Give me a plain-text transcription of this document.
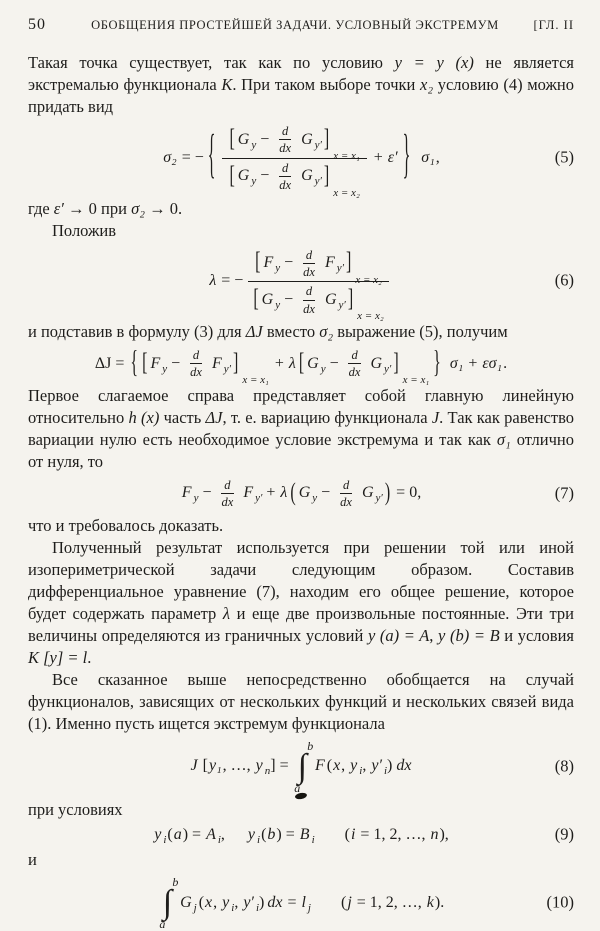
50	ОБОБЩЕНИЯ ПРОСТЕЙШЕЙ ЗАДАЧИ. УСЛОВНЫЙ ЭКСТРЕМУМ	[ГЛ. II

Такая точка существует, так как по условию y = y (x) не является экстремалью функционала K. При таком выборе точки x₂ условию (4) можно придать вид

σ₂ = − { [ G $y - \frac{d}{dx}$ G y′ ]
x = x₁
[ G $y - \frac{d}{dx}$ G y′ ]
x = x₂ + ε′ } σ₁ ,	(5)

где ε′ → 0 при σ₂ → 0.

Положив

λ = − [ F $y - \frac{d}{dx}$ F y′ ]
x = x₂
[ G $y - \frac{d}{dx}$ G y′ ]
x = x₂	(6)

и подставив в формулу (3) для ΔJ вместо σ₂ выражение (5), получим

ΔJ = { [ F $y - \frac{d}{dx}$ F y′ ]
x = x₁
+ λ [ G $y - \frac{d}{dx}$ G y′ ]
x = x₁
} σ₁ + εσ₁ .

Первое слагаемое справа представляет собой главную линейную относительно h (x) часть ΔJ, т. е. вариацию функционала J. Так как равенство вариации нулю есть необходимое условие экстремума и так как σ₁ отлично от нуля, то

F $y - \frac{d}{dx}$ F y′ + λ ( G $y - \frac{d}{dx}$ G y′ ) = 0,	(7)

что и требовалось доказать.

Полученный результат используется при решении той или иной изопериметрической задачи следующим образом. Составив дифференциальное уравнение (7), находим его общее решение, которое будет содержать параметр λ и еще две произвольные постоянные. Эти три величины определяются из граничных условий y (a) = A, y (b) = B и условия K [y] = l.

Все сказанное выше непосредственно обобщается на случай функционалов, зависящих от нескольких функций и нескольких связей вида (1). Именно пусть ищется экстремум функционала

J [ y₁ , …, y n ] =
b
∫
a
F ( x , y i , y′ i ) dx	(8)

при условиях

y i ( a ) = A i , y i ( b ) = B i ( i = 1, 2, …, n ),	(9)

и

b
∫
a
G j ( x , y i , y′ i ) dx = l j ( j = 1, 2, …, k ).	(10)
